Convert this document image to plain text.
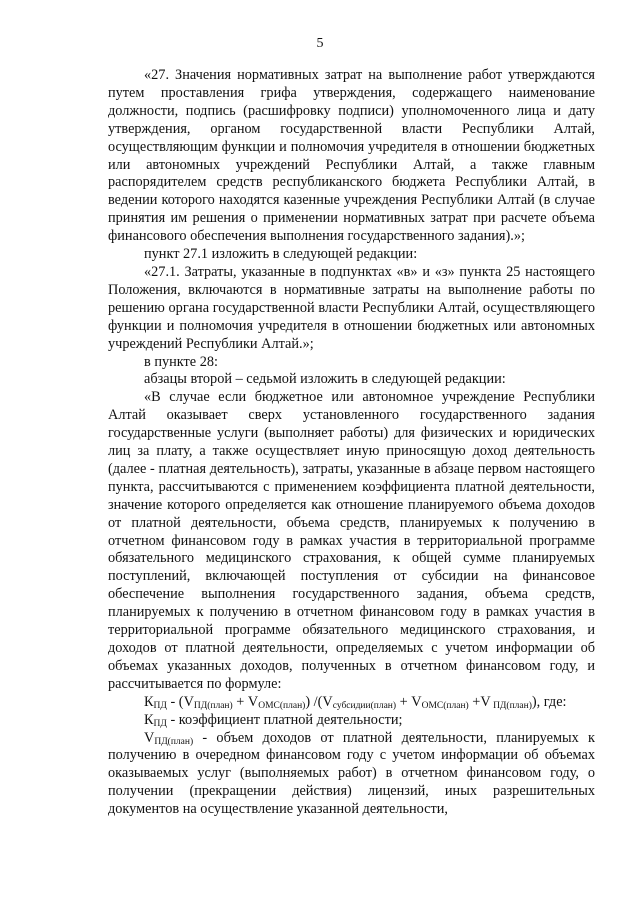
5

«27. Значения нормативных затрат на выполнение работ утверждаются путем проставления грифа утверждения, содержащего наименование должности, подпись (расшифровку подписи) уполномоченного лица и дату утверждения, органом государственной власти Республики Алтай, осуществляющим функции и полномочия учредителя в отношении бюджетных или автономных учреждений Республики Алтай, а также главным распорядителем средств республиканского бюджета Республики Алтай, в ведении которого находятся казенные учреждения Республики Алтай (в случае принятия им решения о применении нормативных затрат при расчете объема финансового обеспечения выполнения государственного задания).»;

пункт 27.1 изложить в следующей редакции:

«27.1. Затраты, указанные в подпунктах «в» и «з» пункта 25 настоящего Положения, включаются в нормативные затраты на выполнение работы по решению органа государственной власти Республики Алтай, осуществляющего функции и полномочия учредителя в отношении бюджетных или автономных учреждений Республики Алтай.»;

в пункте 28:

абзацы второй – седьмой изложить в следующей редакции:

«В случае если бюджетное или автономное учреждение Республики Алтай оказывает сверх установленного государственного задания государственные услуги (выполняет работы) для физических и юридических лиц за плату, а также осуществляет иную приносящую доход деятельность (далее - платная деятельность), затраты, указанные в абзаце первом настоящего пункта, рассчитываются с применением коэффициента платной деятельности, значение которого определяется как отношение планируемого объема доходов от платной деятельности, объема средств, планируемых к получению в отчетном финансовом году в рамках участия в территориальной программе обязательного медицинского страхования, к общей сумме планируемых поступлений, включающей поступления от субсидии на финансовое обеспечение выполнения государственного задания, объема средств, планируемых к получению в отчетном финансовом году в рамках участия в территориальной программе обязательного медицинского страхования, и доходов от платной деятельности, определяемых с учетом информации об объемах указанных доходов, полученных в отчетном финансовом году, и рассчитывается по формуле:

$К_{ПД} - (V_{ПД(план)} + V_{ОМС(план)}) /(V_{субсидии(план)} + V_{ОМС(план)} +V$ $_{ПД(план)}$), где:

$К_{ПД}$ - коэффициент платной деятельности;

$V_{ПД(план)}$ - объем доходов от платной деятельности, планируемых к получению в очередном финансовом году с учетом информации об объемах оказываемых услуг (выполняемых работ) в отчетном финансовом году, о получении (прекращении действия) лицензий, иных разрешительных документов на осуществление указанной деятельности,
